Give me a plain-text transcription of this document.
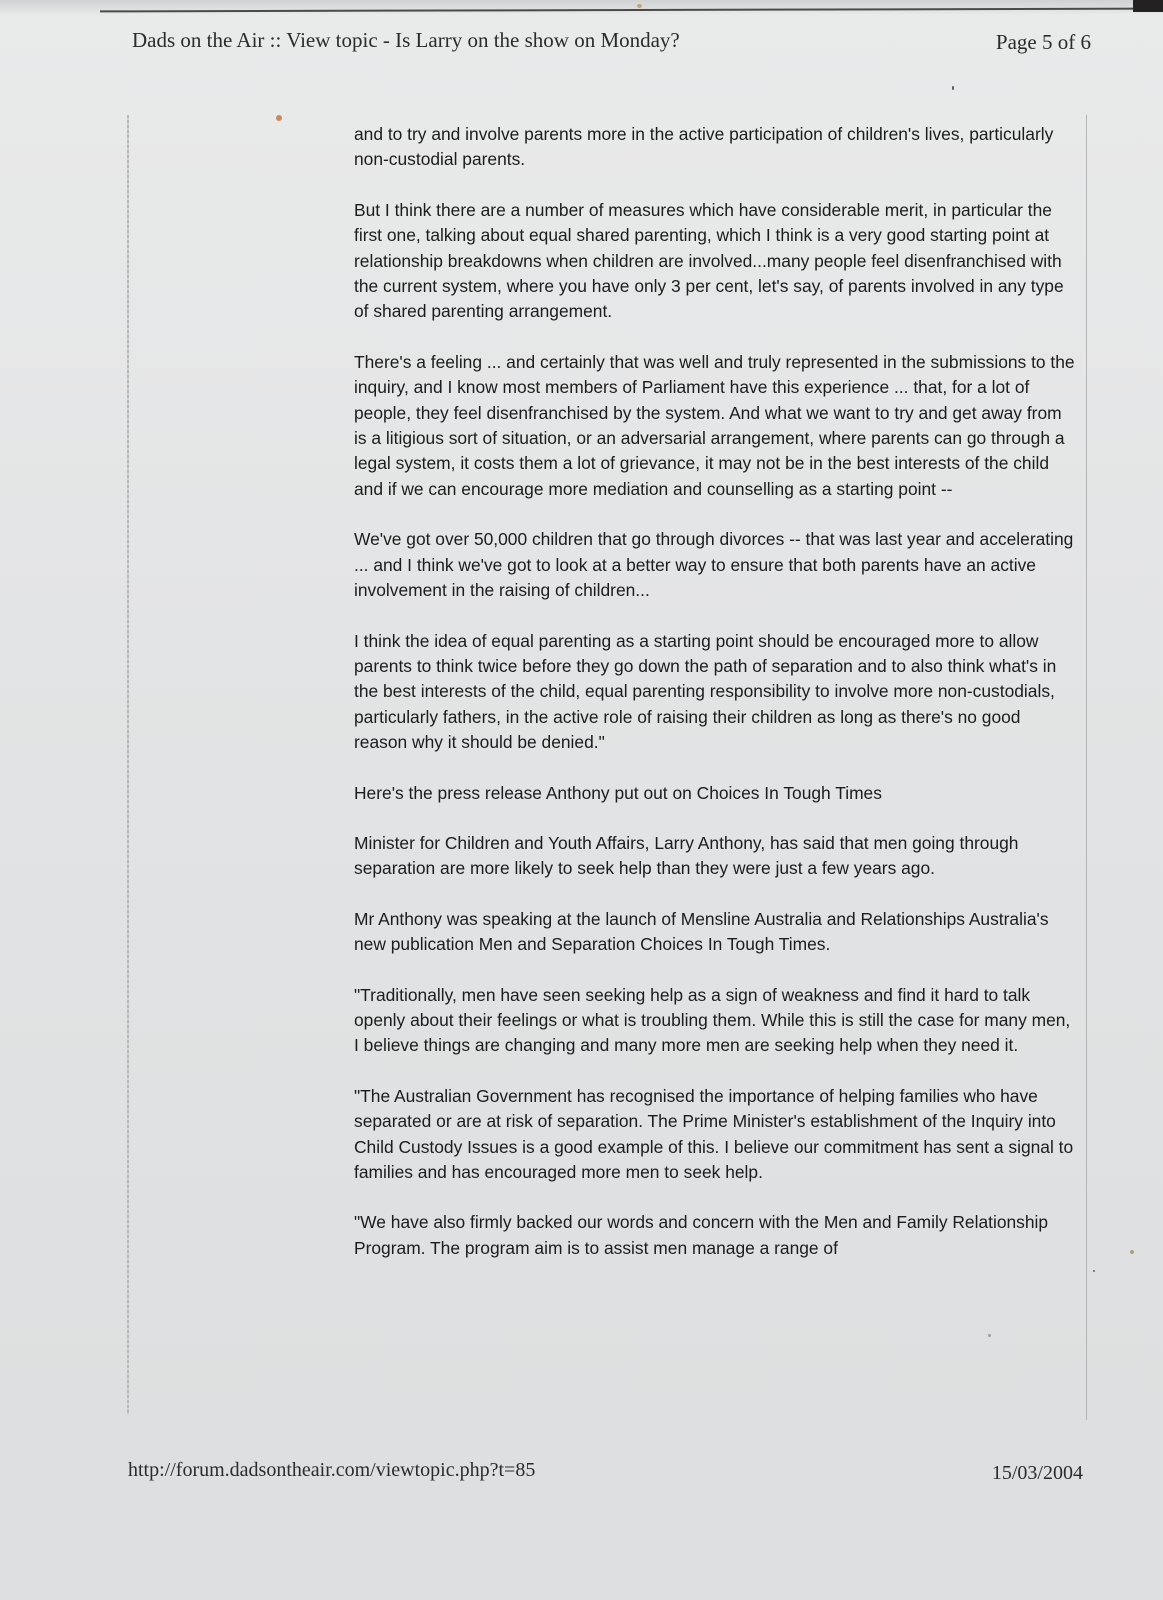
Dads on the Air :: View topic - Is Larry on the show on Monday?	Page 5 of 6

and to try and involve parents more in the active participation of children's lives, particularly non-custodial parents.

But I think there are a number of measures which have considerable merit, in particular the first one, talking about equal shared parenting, which I think is a very good starting point at relationship breakdowns when children are involved...many people feel disenfranchised with the current system, where you have only 3 per cent, let's say, of parents involved in any type of shared parenting arrangement.

There's a feeling ... and certainly that was well and truly represented in the submissions to the inquiry, and I know most members of Parliament have this experience ... that, for a lot of people, they feel disenfranchised by the system. And what we want to try and get away from is a litigious sort of situation, or an adversarial arrangement, where parents can go through a legal system, it costs them a lot of grievance, it may not be in the best interests of the child and if we can encourage more mediation and counselling as a starting point --

We've got over 50,000 children that go through divorces -- that was last year and accelerating ... and I think we've got to look at a better way to ensure that both parents have an active involvement in the raising of children...

I think the idea of equal parenting as a starting point should be encouraged more to allow parents to think twice before they go down the path of separation and to also think what's in the best interests of the child, equal parenting responsibility to involve more non-custodials, particularly fathers, in the active role of raising their children as long as there's no good reason why it should be denied."

Here's the press release Anthony put out on Choices In Tough Times

Minister for Children and Youth Affairs, Larry Anthony, has said that men going through separation are more likely to seek help than they were just a few years ago.

Mr Anthony was speaking at the launch of Mensline Australia and Relationships Australia's new publication Men and Separation Choices In Tough Times.

"Traditionally, men have seen seeking help as a sign of weakness and find it hard to talk openly about their feelings or what is troubling them. While this is still the case for many men, I believe things are changing and many more men are seeking help when they need it.

"The Australian Government has recognised the importance of helping families who have separated or are at risk of separation. The Prime Minister's establishment of the Inquiry into Child Custody Issues is a good example of this. I believe our commitment has sent a signal to families and has encouraged more men to seek help.

"We have also firmly backed our words and concern with the Men and Family Relationship Program. The program aim is to assist men manage a range of

http://forum.dadsontheair.com/viewtopic.php?t=85	15/03/2004
